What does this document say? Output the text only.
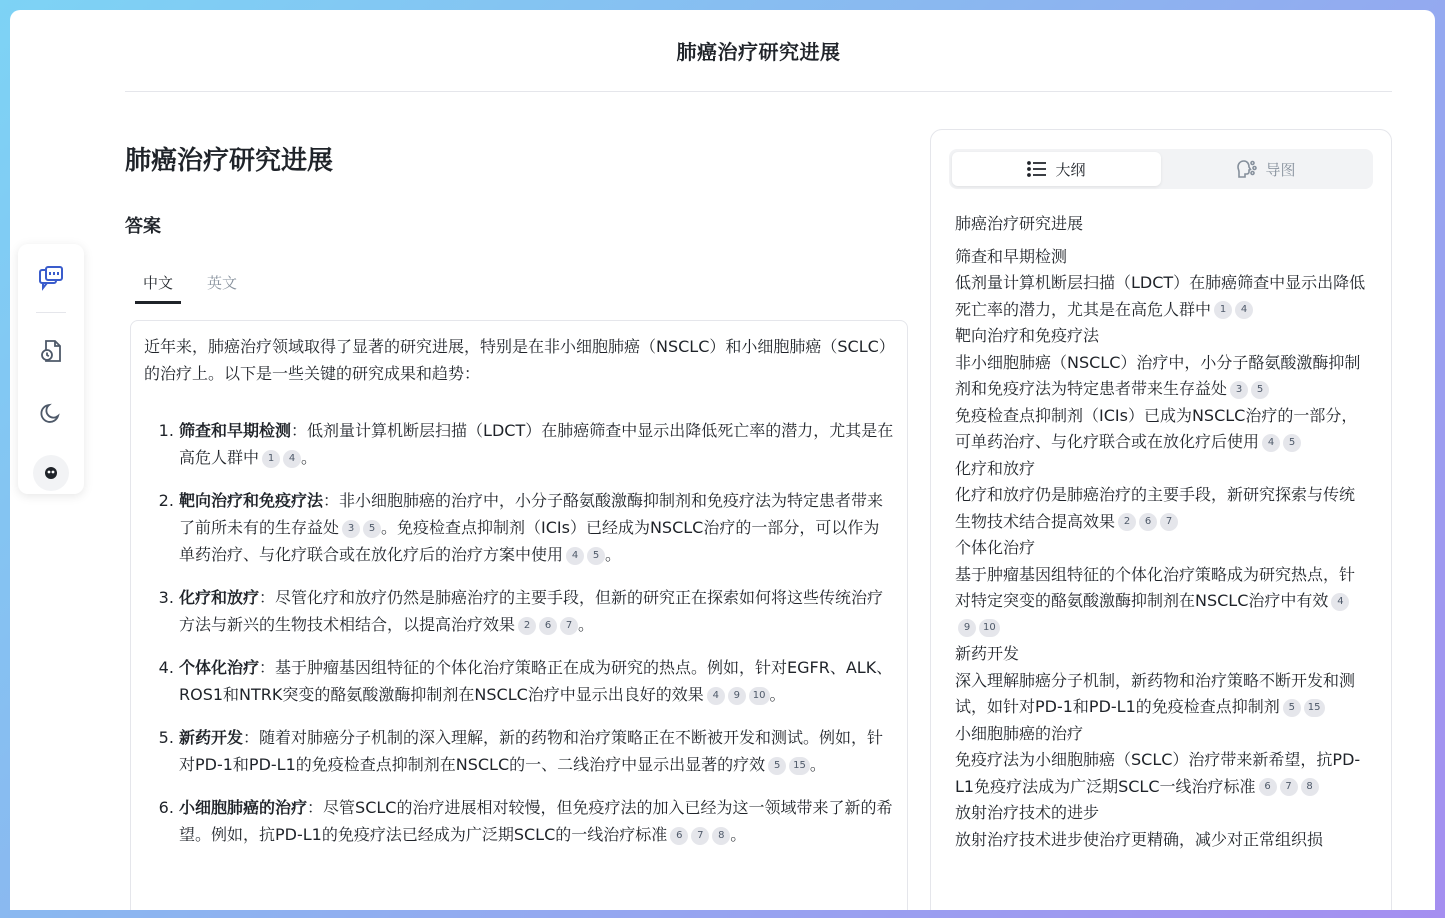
肺癌治疗研究进展
肺癌治疗研究进展
答案
中文	英文

近年来，肺癌治疗领域取得了显著的研究进展，特别是在非小细胞肺癌（NSCLC）和小细胞肺癌（SCLC）的治疗上。以下是一些关键的研究成果和趋势：

1. 筛查和早期检测：低剂量计算机断层扫描（LDCT）在肺癌筛查中显示出降低死亡率的潜力，尤其是在高危人群中 1 4 。
2. 靶向治疗和免疫疗法：非小细胞肺癌的治疗中，小分子酪氨酸激酶抑制剂和免疫疗法为特定患者带来了前所未有的生存益处 3 5 。免疫检查点抑制剂（ICIs）已经成为NSCLC治疗的一部分，可以作为单药治疗、与化疗联合或在放化疗后的治疗方案中使用 4 5 。
3. 化疗和放疗：尽管化疗和放疗仍然是肺癌治疗的主要手段，但新的研究正在探索如何将这些传统治疗方法与新兴的生物技术相结合，以提高治疗效果 2 6 7 。
4. 个体化治疗：基于肿瘤基因组特征的个体化治疗策略正在成为研究的热点。例如，针对EGFR、ALK、ROS1和NTRK突变的酪氨酸激酶抑制剂在NSCLC治疗中显示出良好的效果 4 9 10 。
5. 新药开发：随着对肺癌分子机制的深入理解，新的药物和治疗策略正在不断被开发和测试。例如，针对PD-1和PD-L1的免疫检查点抑制剂在NSCLC的一、二线治疗中显示出显著的疗效 5 15 。
6. 小细胞肺癌的治疗：尽管SCLC的治疗进展相对较慢，但免疫疗法的加入已经为这一领域带来了新的希望。例如，抗PD-L1的免疫疗法已经成为广泛期SCLC的一线治疗标准 6 7 8 。
大纲	导图
肺癌治疗研究进展
筛查和早期检测
低剂量计算机断层扫描（LDCT）在肺癌筛查中显示出降低死亡率的潜力，尤其是在高危人群中 1 4
靶向治疗和免疫疗法
非小细胞肺癌（NSCLC）治疗中，小分子酪氨酸激酶抑制剂和免疫疗法为特定患者带来生存益处 3 5
免疫检查点抑制剂（ICIs）已成为NSCLC治疗的一部分，可单药治疗、与化疗联合或在放化疗后使用 4 5
化疗和放疗
化疗和放疗仍是肺癌治疗的主要手段，新研究探索与传统生物技术结合提高效果 2 6 7
个体化治疗
基于肿瘤基因组特征的个体化治疗策略成为研究热点，针对特定突变的酪氨酸激酶抑制剂在NSCLC治疗中有效 49 10
新药开发
深入理解肺癌分子机制，新药物和治疗策略不断开发和测试，如针对PD-1和PD-L1的免疫检查点抑制剂 5 15
小细胞肺癌的治疗
免疫疗法为小细胞肺癌（SCLC）治疗带来新希望，抗PD-L1免疫疗法成为广泛期SCLC一线治疗标准 6 7 8
放射治疗技术的进步
放射治疗技术进步使治疗更精确，减少对正常组织损
